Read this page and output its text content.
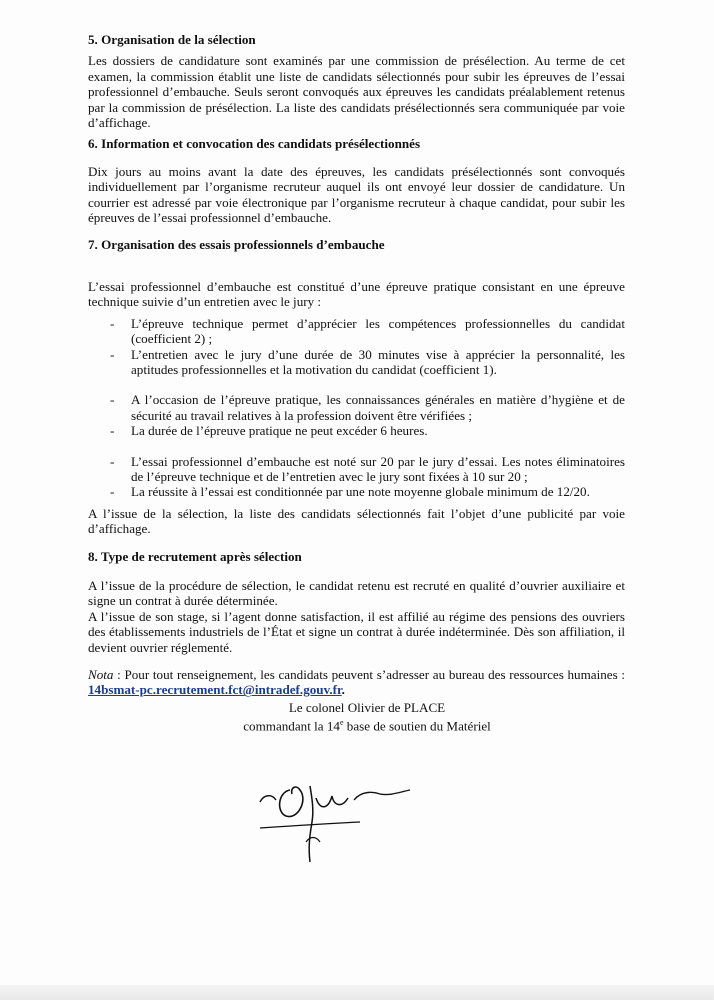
5. Organisation de la sélection

Les dossiers de candidature sont examinés par une commission de présélection. Au terme de cet examen, la commission établit une liste de candidats sélectionnés pour subir les épreuves de l’essai professionnel d’embauche. Seuls seront convoqués aux épreuves les candidats préalablement retenus par la commission de présélection. La liste des candidats présélectionnés sera communiquée par voie d’affichage.

6. Information et convocation des candidats présélectionnés

Dix jours au moins avant la date des épreuves, les candidats présélectionnés sont convoqués individuellement par l’organisme recruteur auquel ils ont envoyé leur dossier de candidature. Un courrier est adressé par voie électronique par l’organisme recruteur à chaque candidat, pour subir les épreuves de l’essai professionnel d’embauche.

7. Organisation des essais professionnels d’embauche

L’essai professionnel d’embauche est constitué d’une épreuve pratique consistant en une épreuve technique suivie d’un entretien avec le jury :

- L’épreuve technique permet d’apprécier les compétences professionnelles du candidat (coefficient 2) ;
- L’entretien avec le jury d’une durée de 30 minutes vise à apprécier la personnalité, les aptitudes professionnelles et la motivation du candidat (coefficient 1).
- A l’occasion de l’épreuve pratique, les connaissances générales en matière d’hygiène et de sécurité au travail relatives à la profession doivent être vérifiées ;
- La durée de l’épreuve pratique ne peut excéder 6 heures.
- L’essai professionnel d’embauche est noté sur 20 par le jury d’essai. Les notes éliminatoires de l’épreuve technique et de l’entretien avec le jury sont fixées à 10 sur 20 ;
- La réussite à l’essai est conditionnée par une note moyenne globale minimum de 12/20.

A l’issue de la sélection, la liste des candidats sélectionnés fait l’objet d’une publicité par voie d’affichage.

8. Type de recrutement après sélection

A l’issue de la procédure de sélection, le candidat retenu est recruté en qualité d’ouvrier auxiliaire et signe un contrat à durée déterminée.

A l’issue de son stage, si l’agent donne satisfaction, il est affilié au régime des pensions des ouvriers des établissements industriels de l’État et signe un contrat à durée indéterminée. Dès son affiliation, il devient ouvrier réglementé.

Nota : Pour tout renseignement, les candidats peuvent s’adresser au bureau des ressources humaines : 14bsmat-pc.recrutement.fct@intradef.gouv.fr.

Le colonel Olivier de PLACE
commandant la 14e base de soutien du Matériel
